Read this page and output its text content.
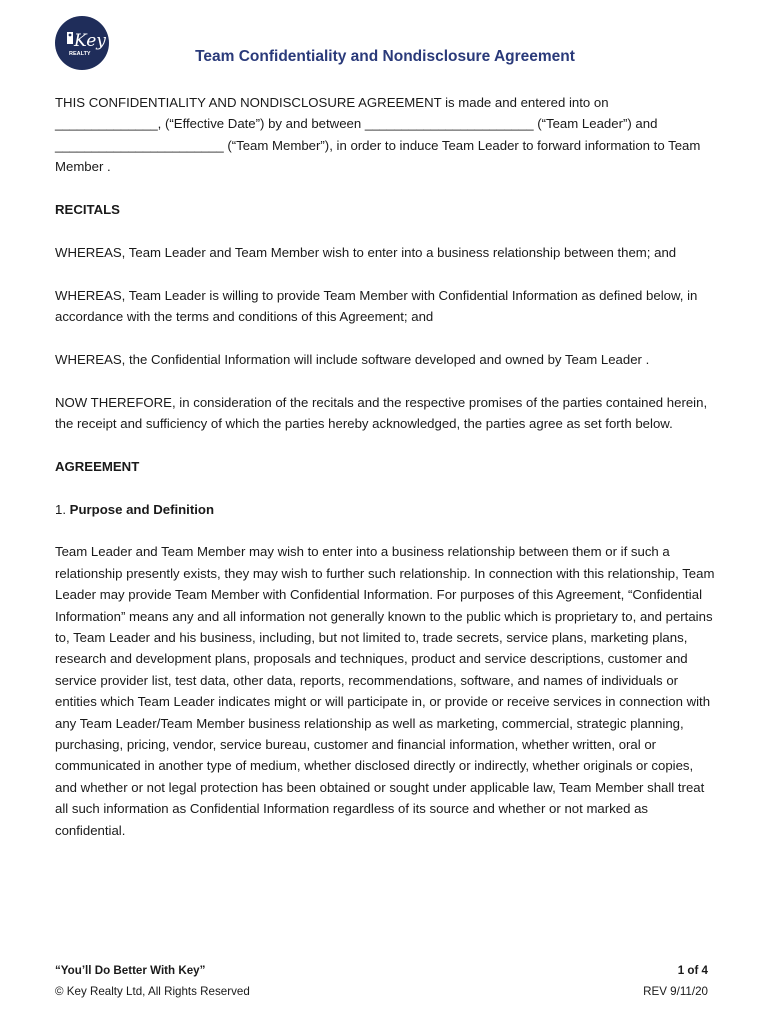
Key
REALTY	Team Confidentiality and Nondisclosure Agreement

THIS CONFIDENTIALITY AND NONDISCLOSURE AGREEMENT is made and entered into on ______________, (“Effective Date”) by and between _______________________ (“Team Leader”) and _______________________ (“Team Member”), in order to induce Team Leader to forward information to Team Member .

RECITALS

WHEREAS, Team Leader and Team Member wish to enter into a business relationship between them; and

WHEREAS, Team Leader is willing to provide Team Member with Confidential Information as defined below, in accordance with the terms and conditions of this Agreement; and

WHEREAS, the Confidential Information will include software developed and owned by Team Leader .

NOW THEREFORE, in consideration of the recitals and the respective promises of the parties contained herein, the receipt and sufficiency of which the parties hereby acknowledged, the parties agree as set forth below.

AGREEMENT

1. Purpose and Definition

Team Leader and Team Member may wish to enter into a business relationship between them or if such a relationship presently exists, they may wish to further such relationship. In connection with this relationship, Team Leader may provide Team Member with Confidential Information. For purposes of this Agreement, “Confidential Information” means any and all information not generally known to the public which is proprietary to, and pertains to, Team Leader and his business, including, but not limited to, trade secrets, service plans, marketing plans, research and development plans, proposals and techniques, product and service descriptions, customer and service provider list, test data, other data, reports, recommendations, software, and names of individuals or entities which Team Leader indicates might or will participate in, or provide or receive services in connection with any Team Leader/Team Member business relationship as well as marketing, commercial, strategic planning, purchasing, pricing, vendor, service bureau, customer and financial information, whether written, oral or communicated in another type of medium, whether disclosed directly or indirectly, whether originals or copies, and whether or not legal protection has been obtained or sought under applicable law, Team Member shall treat all such information as Confidential Information regardless of its source and whether or not marked as confidential.

“You’ll Do Better With Key”
© Key Realty Ltd, All Rights Reserved
1 of 4
REV 9/11/20
